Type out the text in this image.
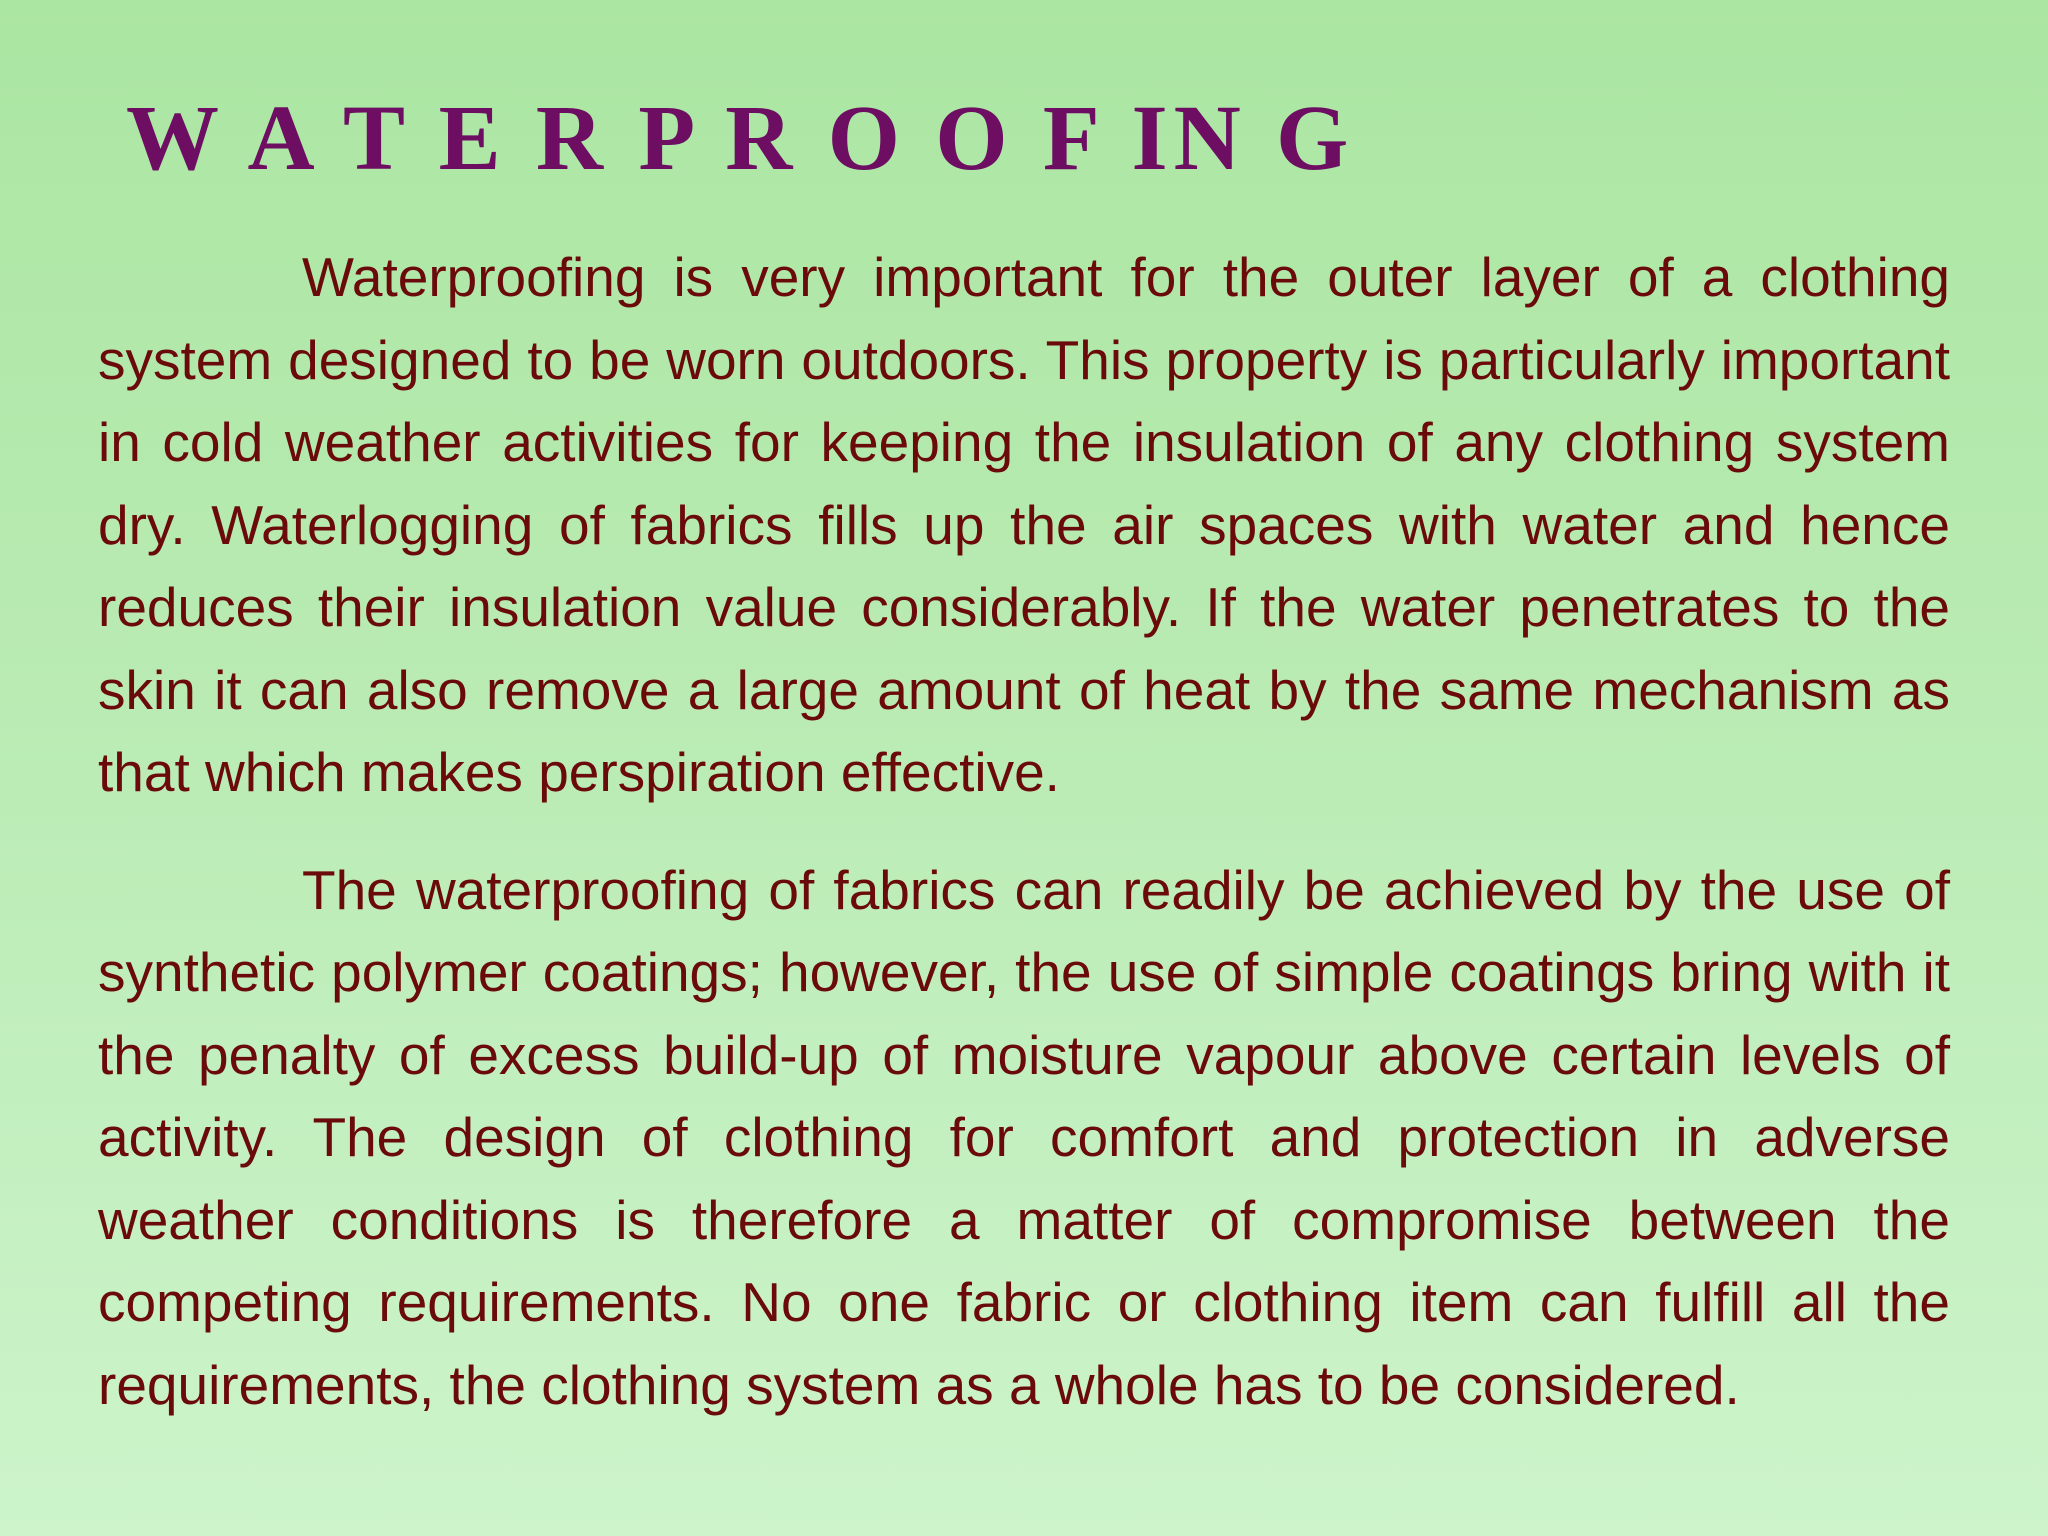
W A T E R P R O O F IN G

Waterproofing is very important for the outer layer of a clothing system designed to be worn outdoors. This property is particularly important in cold weather activities for keeping the insulation of any clothing system dry. Waterlogging of fabrics fills up the air spaces with water and hence reduces their insulation value considerably. If the water penetrates to the skin it can also remove a large amount of heat by the same mechanism as that which makes perspiration effective.

The waterproofing of fabrics can readily be achieved by the use of synthetic polymer coatings; however, the use of simple coatings bring with it the penalty of excess build-up of moisture vapour above certain levels of activity. The design of clothing for comfort and protection in adverse weather conditions is therefore a matter of compromise between the competing requirements. No one fabric or clothing item can fulfill all the requirements, the clothing system as a whole has to be considered.
